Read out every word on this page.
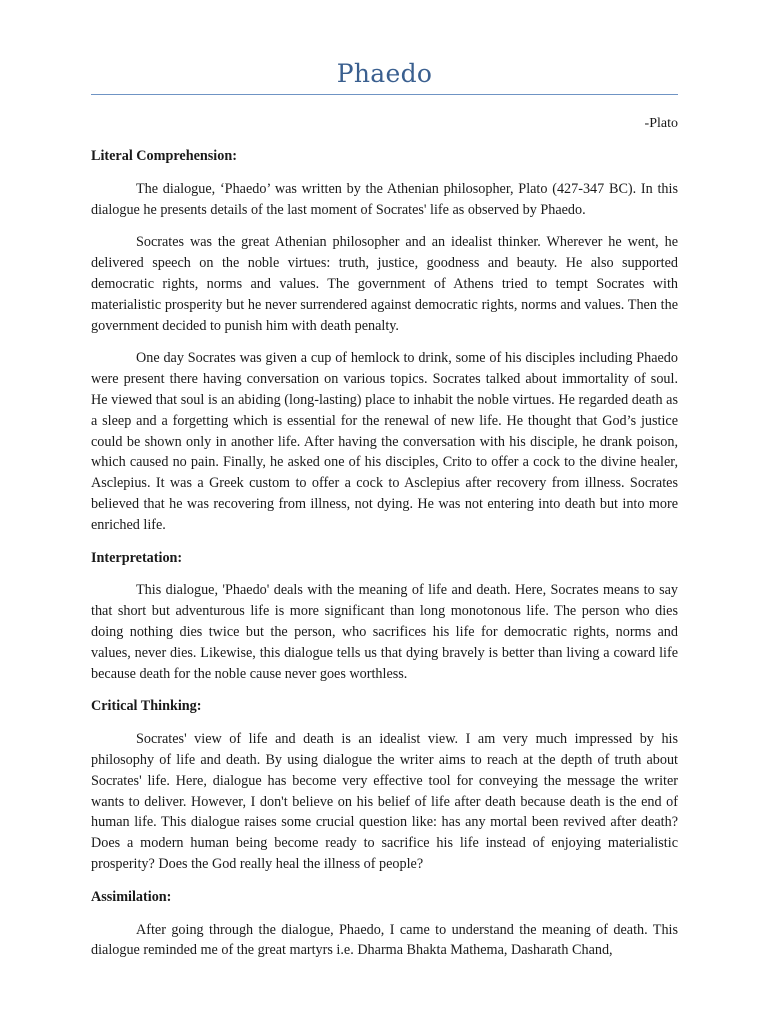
Phaedo
-Plato
Literal Comprehension:

The dialogue, ‘Phaedo’ was written by the Athenian philosopher, Plato (427-347 BC). In this dialogue he presents details of the last moment of Socrates' life as observed by Phaedo.

Socrates was the great Athenian philosopher and an idealist thinker. Wherever he went, he delivered speech on the noble virtues: truth, justice, goodness and beauty. He also supported democratic rights, norms and values. The government of Athens tried to tempt Socrates with materialistic prosperity but he never surrendered against democratic rights, norms and values. Then the government decided to punish him with death penalty.

One day Socrates was given a cup of hemlock to drink, some of his disciples including Phaedo were present there having conversation on various topics. Socrates talked about immortality of soul. He viewed that soul is an abiding (long-lasting) place to inhabit the noble virtues. He regarded death as a sleep and a forgetting which is essential for the renewal of new life. He thought that God’s justice could be shown only in another life. After having the conversation with his disciple, he drank poison, which caused no pain. Finally, he asked one of his disciples, Crito to offer a cock to the divine healer, Asclepius. It was a Greek custom to offer a cock to Asclepius after recovery from illness. Socrates believed that he was recovering from illness, not dying. He was not entering into death but into more enriched life.

Interpretation:

This dialogue, 'Phaedo' deals with the meaning of life and death. Here, Socrates means to say that short but adventurous life is more significant than long monotonous life. The person who dies doing nothing dies twice but the person, who sacrifices his life for democratic rights, norms and values, never dies. Likewise, this dialogue tells us that dying bravely is better than living a coward life because death for the noble cause never goes worthless.

Critical Thinking:

Socrates' view of life and death is an idealist view. I am very much impressed by his philosophy of life and death. By using dialogue the writer aims to reach at the depth of truth about Socrates' life. Here, dialogue has become very effective tool for conveying the message the writer wants to deliver. However, I don't believe on his belief of life after death because death is the end of human life. This dialogue raises some crucial question like: has any mortal been revived after death? Does a modern human being become ready to sacrifice his life instead of enjoying materialistic prosperity? Does the God really heal the illness of people?

Assimilation:

After going through the dialogue, Phaedo, I came to understand the meaning of death. This dialogue reminded me of the great martyrs i.e. Dharma Bhakta Mathema, Dasharath Chand,
